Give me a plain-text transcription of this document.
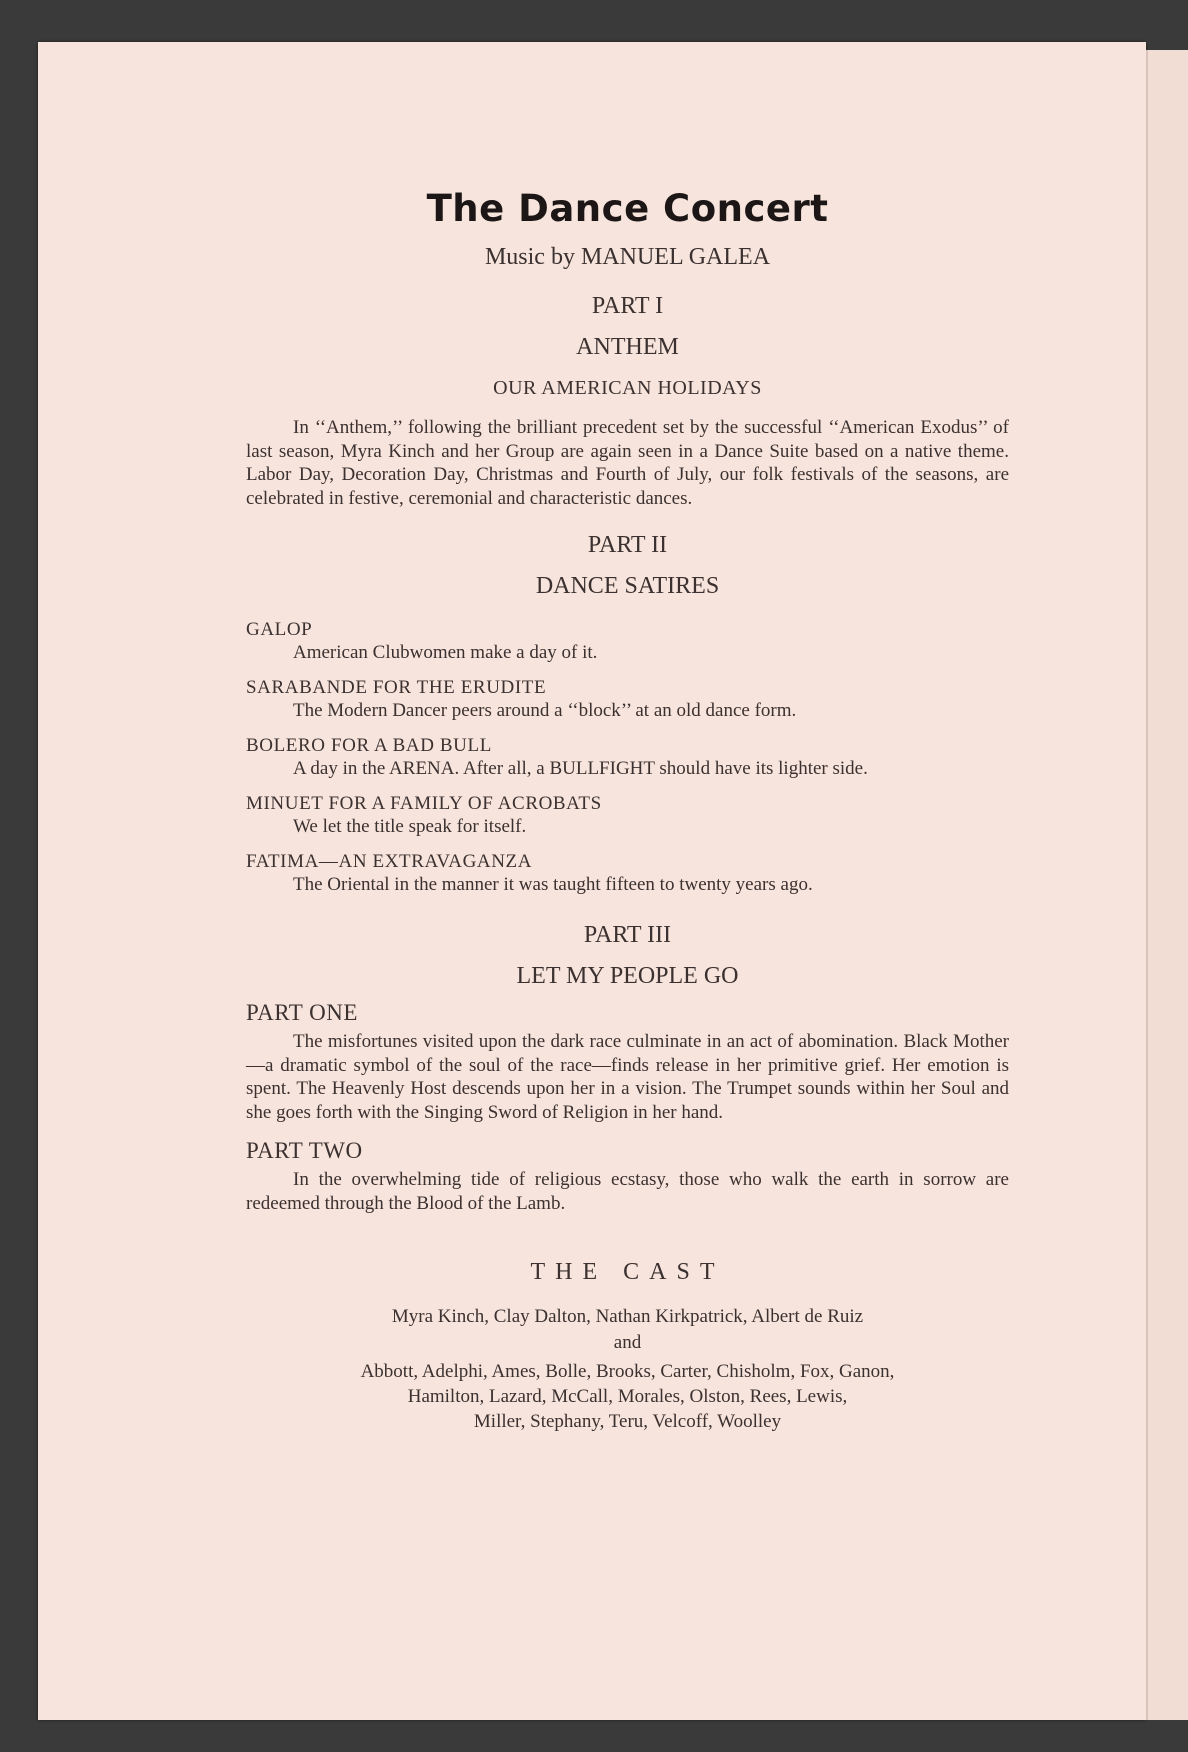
The Dance Concert
Music by MANUEL GALEA
PART I
ANTHEM
OUR AMERICAN HOLIDAYS
In ‘‘Anthem,’’ following the brilliant precedent set by the successful ‘‘American Exodus’’ of last season, Myra Kinch and her Group are again seen in a Dance Suite based on a native theme. Labor Day, Decoration Day, Christmas and Fourth of July, our folk festivals of the seasons, are celebrated in festive, ceremonial and characteristic dances.
PART II
DANCE SATIRES
GALOP
American Clubwomen make a day of it.
SARABANDE FOR THE ERUDITE
The Modern Dancer peers around a ‘‘block’’ at an old dance form.
BOLERO FOR A BAD BULL
A day in the ARENA. After all, a BULLFIGHT should have its lighter side.
MINUET FOR A FAMILY OF ACROBATS
We let the title speak for itself.
FATIMA—AN EXTRAVAGANZA
The Oriental in the manner it was taught fifteen to twenty years ago.
PART III
LET MY PEOPLE GO
PART ONE
The misfortunes visited upon the dark race culminate in an act of abomination. Black Mother—a dramatic symbol of the soul of the race—finds release in her primitive grief. Her emotion is spent. The Heavenly Host descends upon her in a vision. The Trumpet sounds within her Soul and she goes forth with the Singing Sword of Religion in her hand.
PART TWO
In the overwhelming tide of religious ecstasy, those who walk the earth in sorrow are redeemed through the Blood of the Lamb.
THE CAST
Myra Kinch, Clay Dalton, Nathan Kirkpatrick, Albert de Ruiz
and
Abbott, Adelphi, Ames, Bolle, Brooks, Carter, Chisholm, Fox, Ganon,
Hamilton, Lazard, McCall, Morales, Olston, Rees, Lewis,
Miller, Stephany, Teru, Velcoff, Woolley
